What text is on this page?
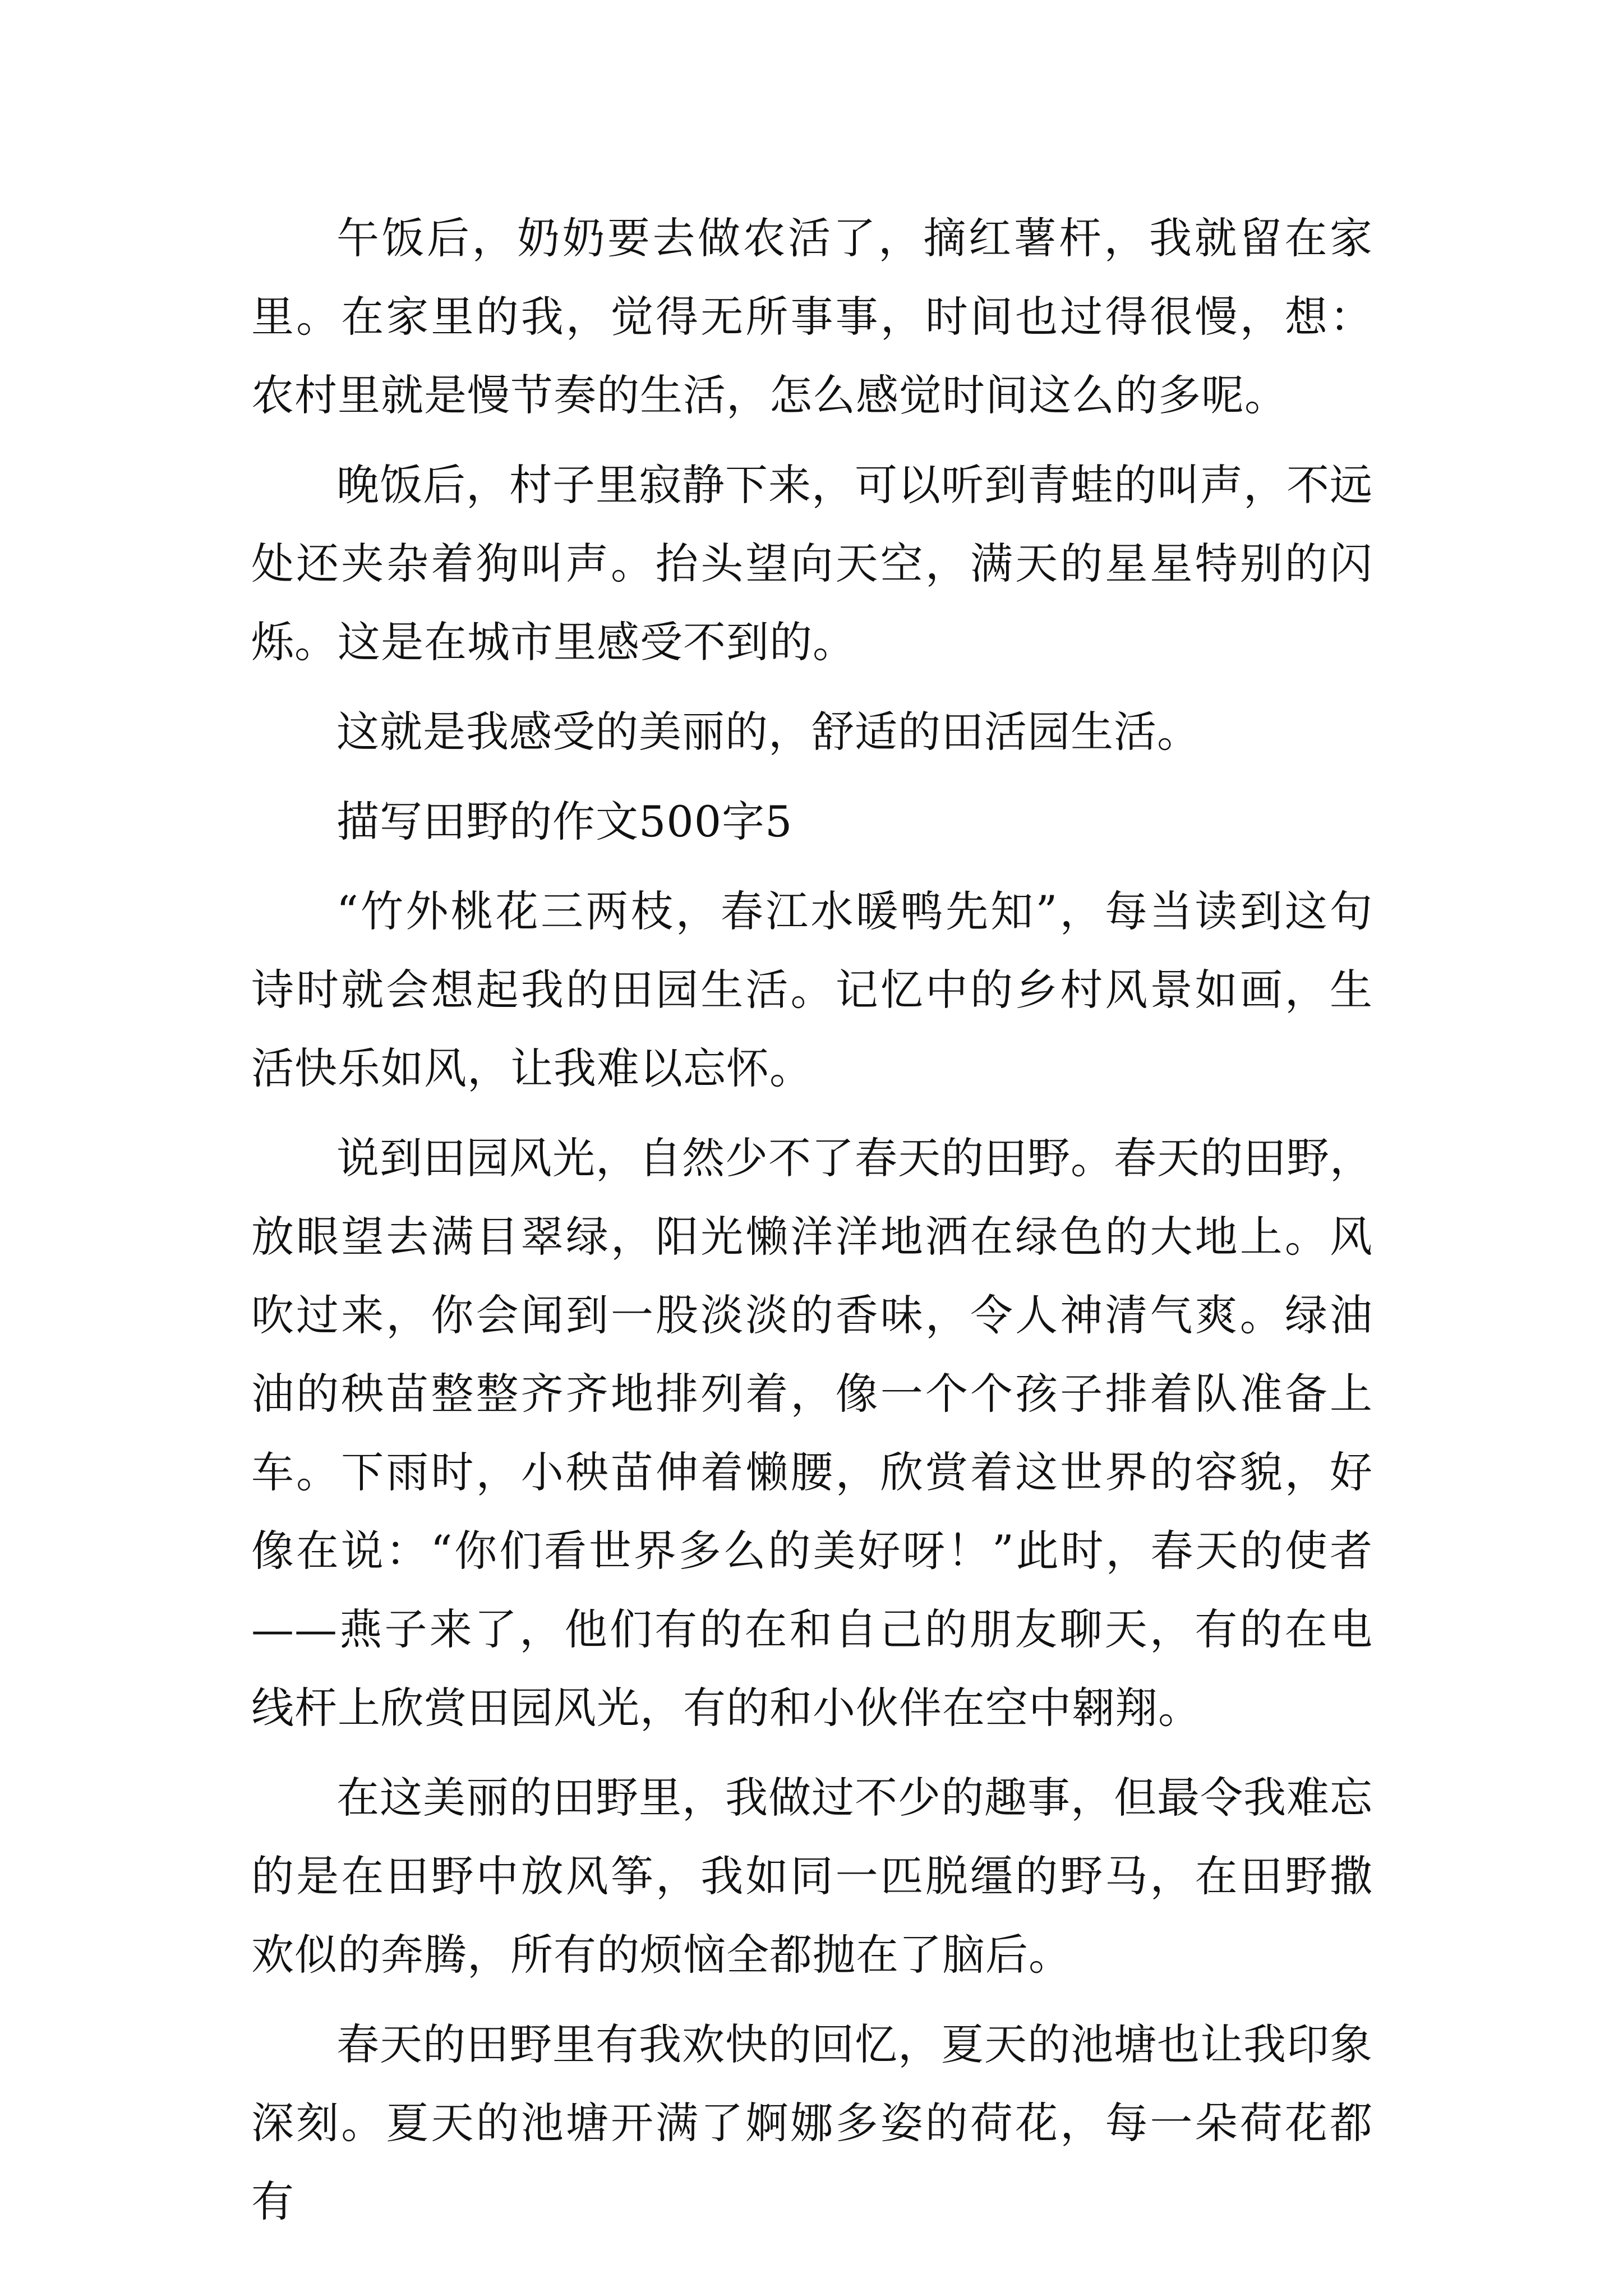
午饭后，奶奶要去做农活了，摘红薯杆，我就留在家里。在家里的我，觉得无所事事，时间也过得很慢，想：农村里就是慢节奏的生活，怎么感觉时间这么的多呢。

晚饭后，村子里寂静下来，可以听到青蛙的叫声，不远处还夹杂着狗叫声。抬头望向天空，满天的星星特别的闪烁。这是在城市里感受不到的。

这就是我感受的美丽的，舒适的田活园生活。

描写田野的作文500字5

“竹外桃花三两枝，春江水暖鸭先知”，每当读到这句诗时就会想起我的田园生活。记忆中的乡村风景如画，生活快乐如风，让我难以忘怀。

说到田园风光，自然少不了春天的田野。春天的田野，放眼望去满目翠绿，阳光懒洋洋地洒在绿色的大地上。风吹过来，你会闻到一股淡淡的香味，令人神清气爽。绿油油的秧苗整整齐齐地排列着，像一个个孩子排着队准备上车。下雨时，小秧苗伸着懒腰，欣赏着这世界的容貌，好像在说：“你们看世界多么的美好呀！”此时，春天的使者——燕子来了，他们有的在和自己的朋友聊天，有的在电线杆上欣赏田园风光，有的和小伙伴在空中翱翔。

在这美丽的田野里，我做过不少的趣事，但最令我难忘的是在田野中放风筝，我如同一匹脱缰的野马，在田野撒欢似的奔腾，所有的烦恼全都抛在了脑后。

春天的田野里有我欢快的回忆，夏天的池塘也让我印象深刻。夏天的池塘开满了婀娜多姿的荷花，每一朵荷花都有
